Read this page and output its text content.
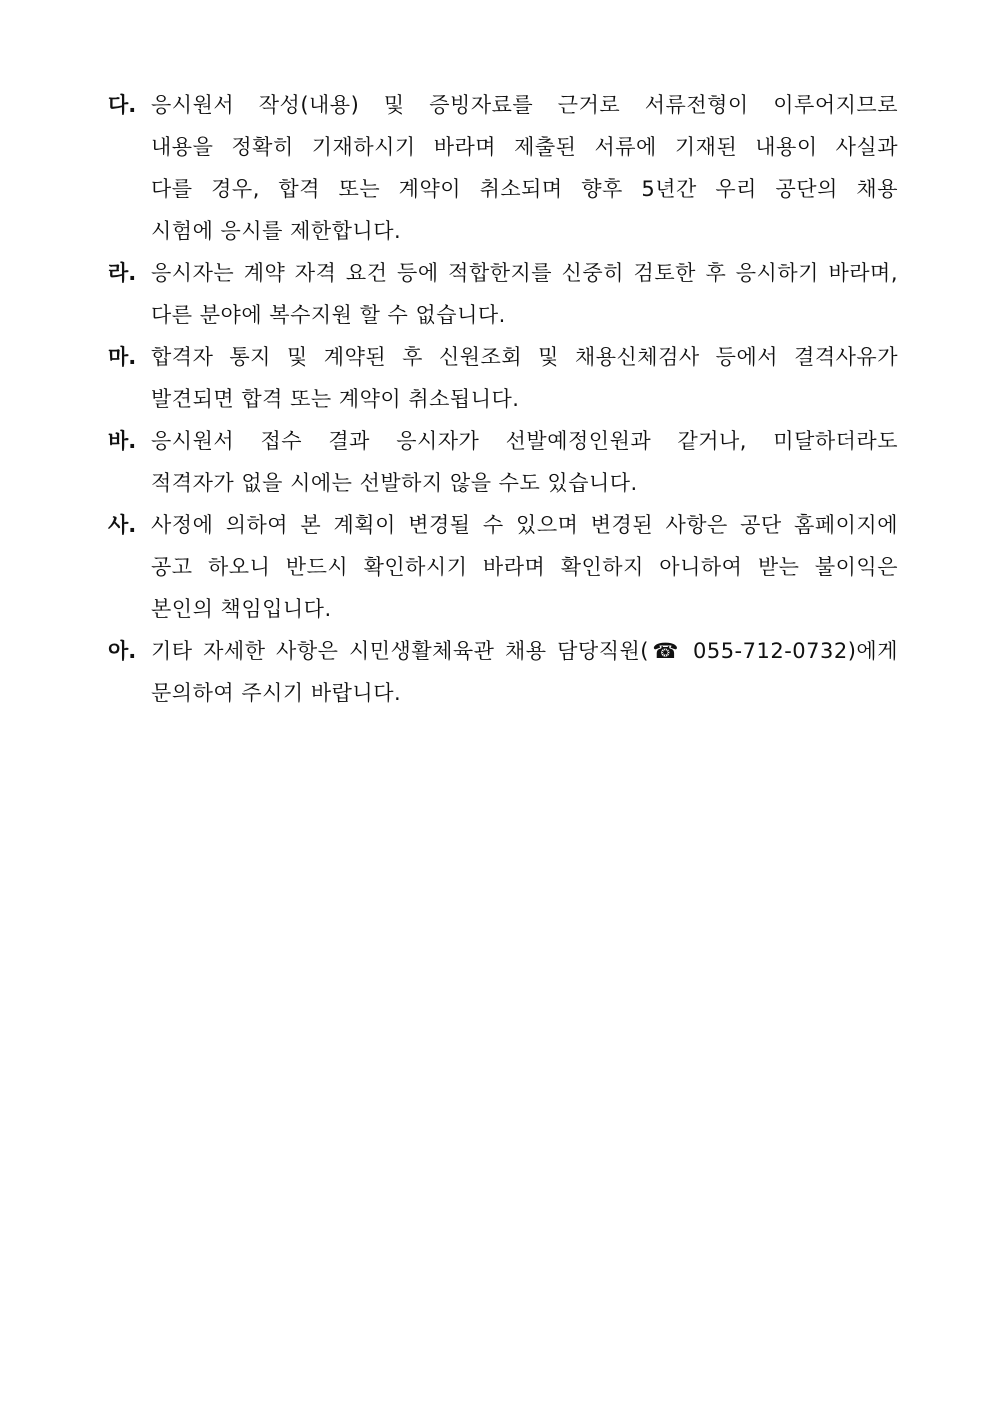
다. 응시원서 작성(내용) 및 증빙자료를 근거로 서류전형이 이루어지므로
내용을 정확히 기재하시기 바라며 제출된 서류에 기재된 내용이 사실과
다를 경우, 합격 또는 계약이 취소되며 향후 5년간 우리 공단의 채용
시험에 응시를 제한합니다.
라. 응시자는 계약 자격 요건 등에 적합한지를 신중히 검토한 후 응시하기 바라며,
다른 분야에 복수지원 할 수 없습니다.
마. 합격자 통지 및 계약된 후 신원조회 및 채용신체검사 등에서 결격사유가
발견되면 합격 또는 계약이 취소됩니다.
바. 응시원서 접수 결과 응시자가 선발예정인원과 같거나, 미달하더라도
적격자가 없을 시에는 선발하지 않을 수도 있습니다.
사. 사정에 의하여 본 계획이 변경될 수 있으며 변경된 사항은 공단 홈페이지에
공고 하오니 반드시 확인하시기 바라며 확인하지 아니하여 받는 불이익은
본인의 책임입니다.
아. 기타 자세한 사항은 시민생활체육관 채용 담당직원(☎ 055-712-0732)에게
문의하여 주시기 바랍니다.
